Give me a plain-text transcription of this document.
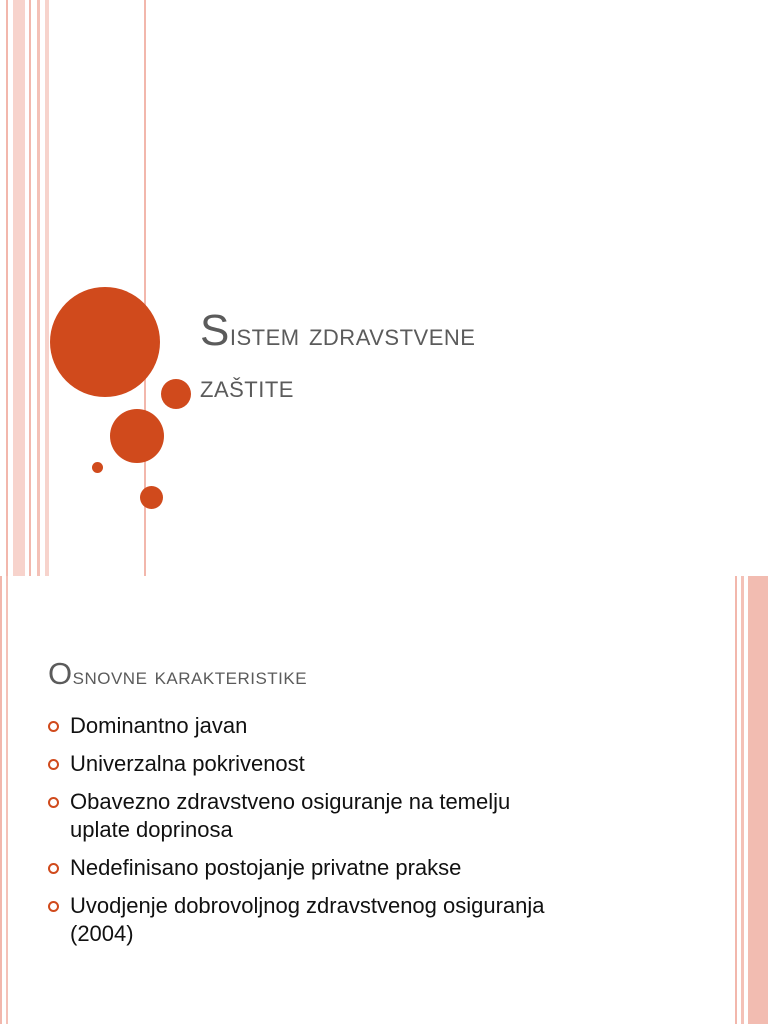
Sistem zdravstvene
zaštite
Osnovne karakteristike
Dominantno javan
Univerzalna pokrivenost
Obavezno zdravstveno osiguranje na temelju
uplate doprinosa
Nedefinisano postojanje privatne prakse
Uvodjenje dobrovoljnog zdravstvenog osiguranja
(2004)
